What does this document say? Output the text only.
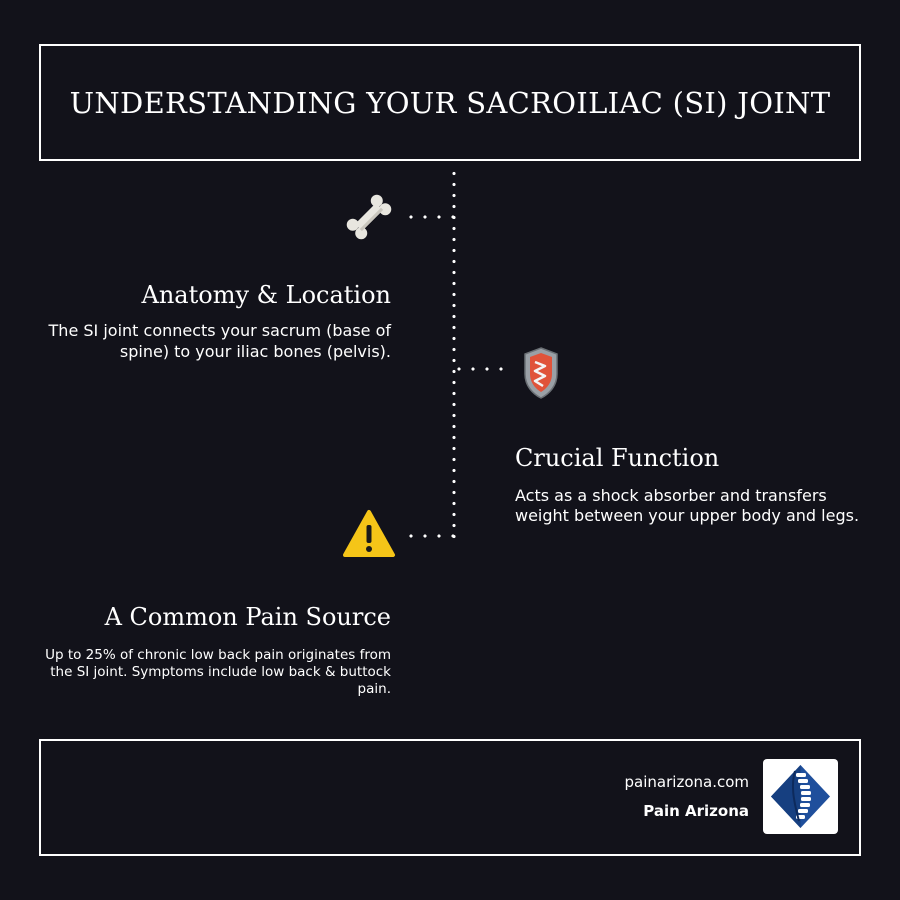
UNDERSTANDING YOUR SACROILIAC (SI) JOINT
Anatomy & Location

The SI joint connects your sacrum (base of spine) to your iliac bones (pelvis).

Crucial Function

Acts as a shock absorber and transfers weight between your upper body and legs.

A Common Pain Source

Up to 25% of chronic low back pain originates from the SI joint. Symptoms include low back & buttock pain.

painarizona.com
Pain Arizona
